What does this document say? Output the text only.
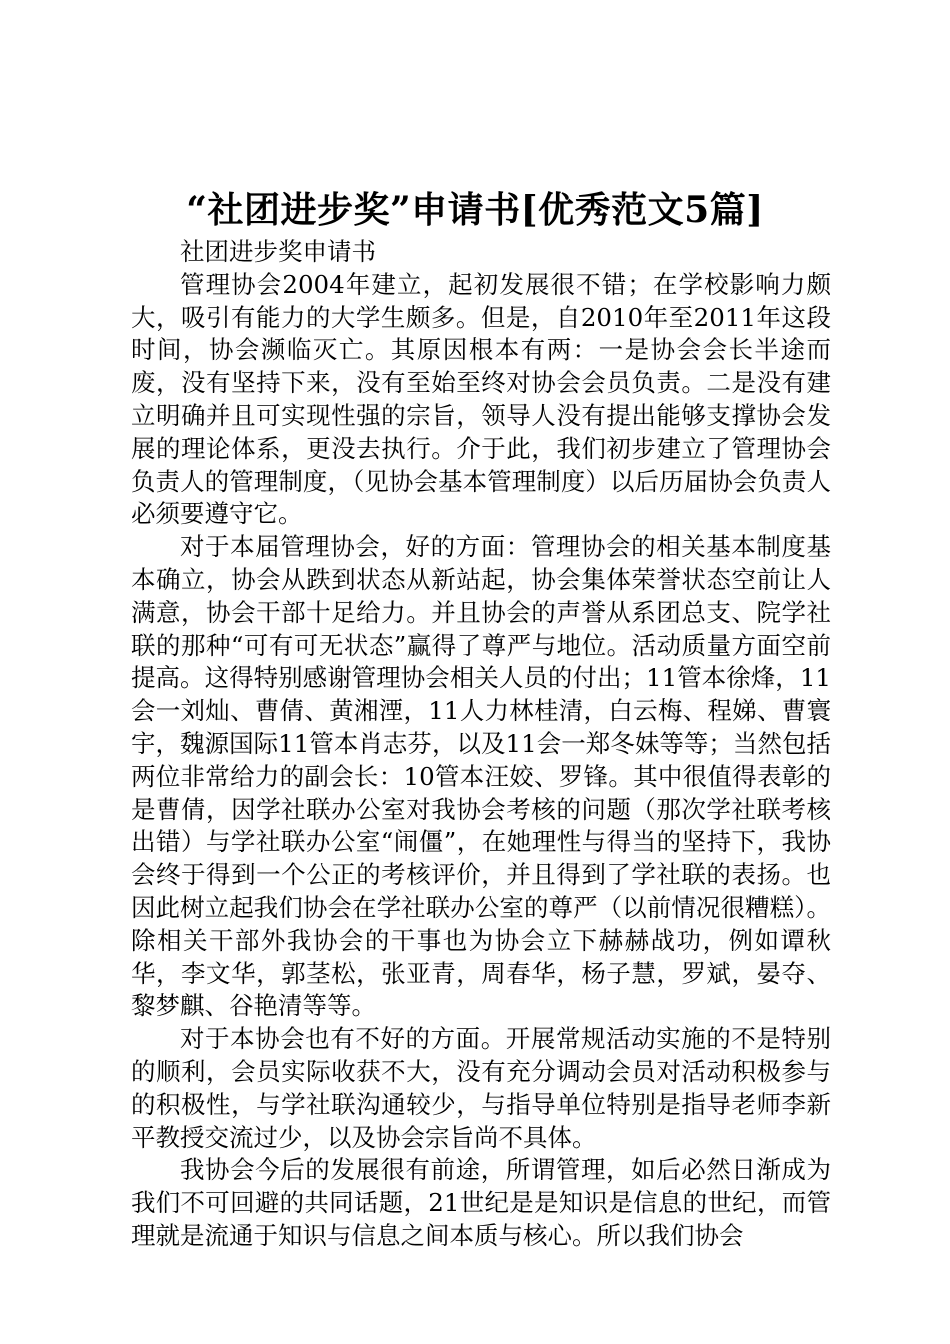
“社团进步奖”申请书[优秀范文5篇]

社团进步奖申请书

管理协会2004年建立，起初发展很不错；在学校影响力颇大，吸引有能力的大学生颇多。但是，自2010年至2011年这段时间，协会濒临灭亡。其原因根本有两：一是协会会长半途而废，没有坚持下来，没有至始至终对协会会员负责。二是没有建立明确并且可实现性强的宗旨，领导人没有提出能够支撑协会发展的理论体系，更没去执行。介于此，我们初步建立了管理协会负责人的管理制度，（见协会基本管理制度）以后历届协会负责人必须要遵守它。

对于本届管理协会，好的方面：管理协会的相关基本制度基本确立，协会从跌到状态从新站起，协会集体荣誉状态空前让人满意，协会干部十足给力。并且协会的声誉从系团总支、院学社联的那种“可有可无状态”赢得了尊严与地位。活动质量方面空前提高。这得特别感谢管理协会相关人员的付出；11管本徐烽，11会一刘灿、曹倩、黄湘湮，11人力林桂清，白云梅、程娣、曹寰宇，魏源国际11管本肖志芬，以及11会一郑冬妹等等；当然包括两位非常给力的副会长：10管本汪姣、罗锋。其中很值得表彰的是曹倩，因学社联办公室对我协会考核的问题（那次学社联考核出错）与学社联办公室“闹僵”，在她理性与得当的坚持下，我协会终于得到一个公正的考核评价，并且得到了学社联的表扬。也因此树立起我们协会在学社联办公室的尊严（以前情况很糟糕）。除相关干部外我协会的干事也为协会立下赫赫战功，例如谭秋华，李文华，郭茎松，张亚青，周春华，杨子慧，罗斌，晏夺、黎梦麒、谷艳清等等。

对于本协会也有不好的方面。开展常规活动实施的不是特别的顺利，会员实际收获不大，没有充分调动会员对活动积极参与的积极性，与学社联沟通较少，与指导单位特别是指导老师李新平教授交流过少，以及协会宗旨尚不具体。

我协会今后的发展很有前途，所谓管理，如后必然日渐成为我们不可回避的共同话题，21世纪是是知识是信息的世纪，而管理就是流通于知识与信息之间本质与核心。所以我们协会
